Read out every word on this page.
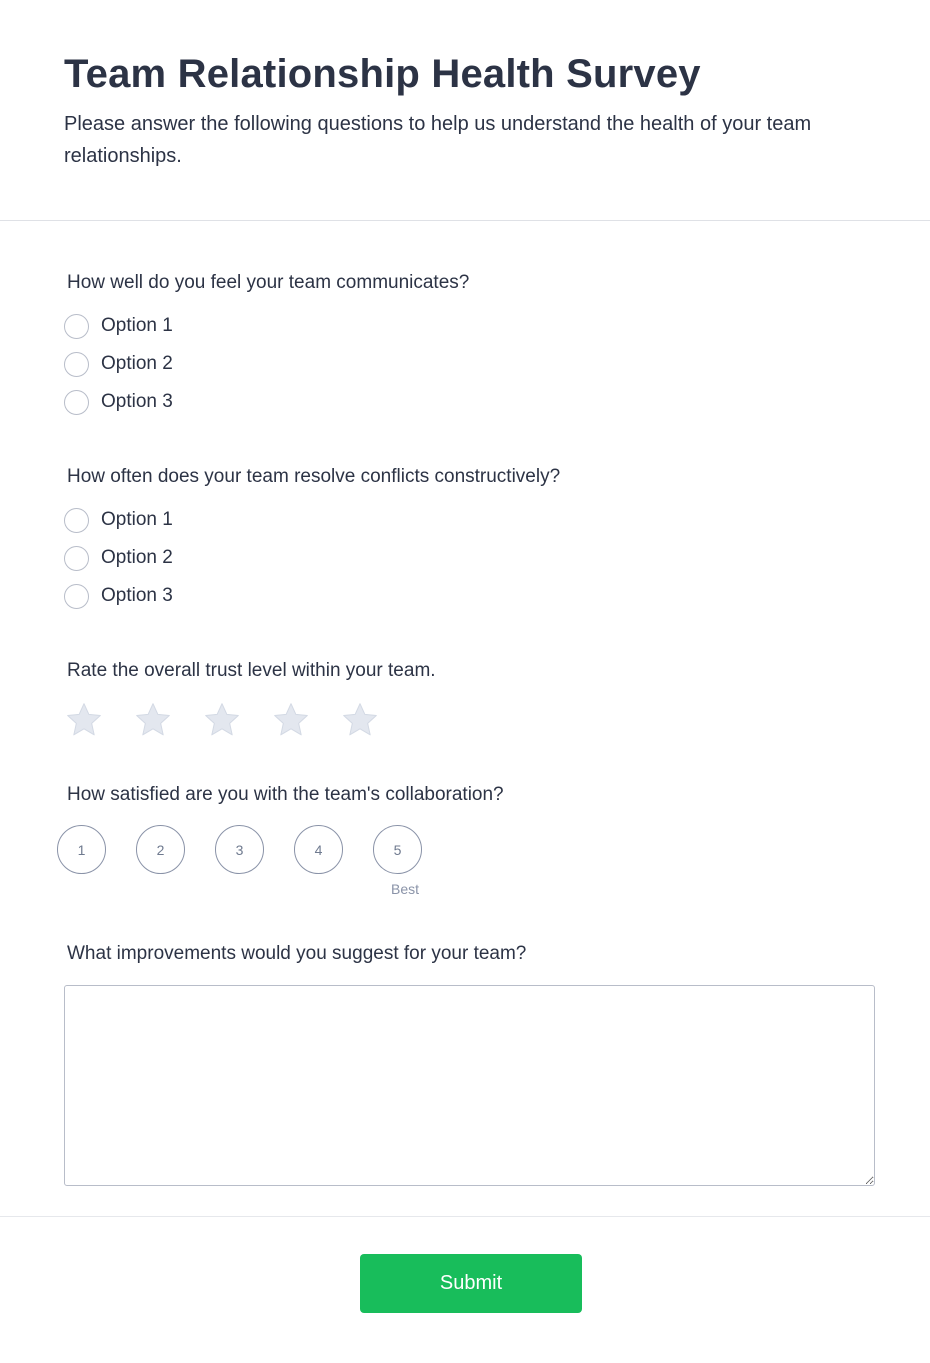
Team Relationship Health Survey

Please answer the following questions to help us understand the health of your team relationships.

How well do you feel your team communicates?
Option 1
Option 2
Option 3
How often does your team resolve conflicts constructively?
Option 1
Option 2
Option 3
Rate the overall trust level within your team.
How satisfied are you with the team's collaboration?
1	2	3	4	5
Best
What improvements would you suggest for your team?
Submit
